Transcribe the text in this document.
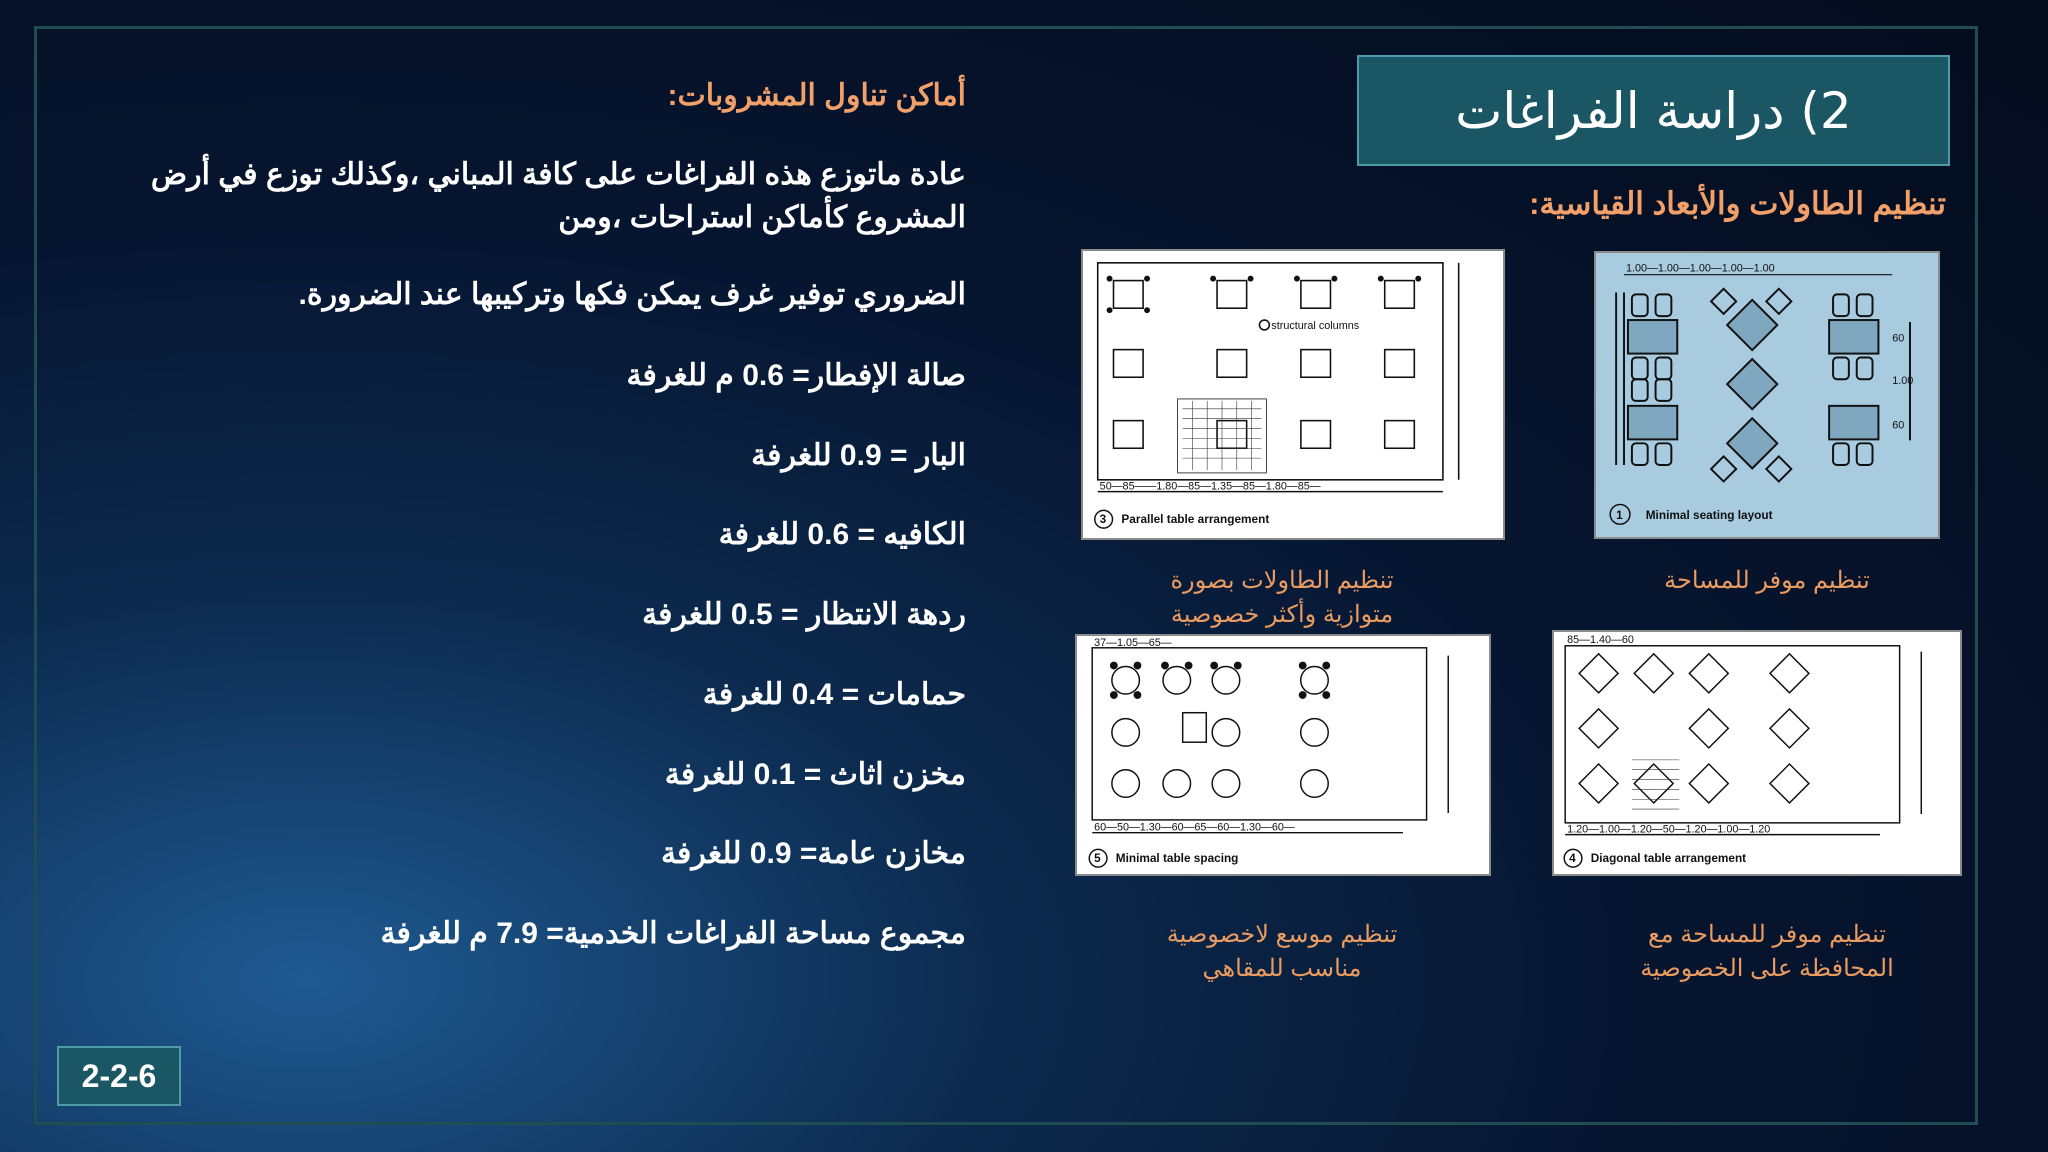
2) دراسة الفراغات
تنظيم الطاولات والأبعاد القياسية:
1.00—1.00—1.00—1.00—1.00
60
1.00
60
1 Minimal seating layout
structural columns
50—85——1.80—85—1.35—85—1.80—85—
3 Parallel table arrangement
تنظيم موفر للمساحة
تنظيم الطاولات بصورة
متوازية وأكثر خصوصية
37—1.05—65—
60—50—1.30—60—65—60—1.30—60—
5 Minimal table spacing
85—1.40—60
1.20—1.00—1.20—50—1.20—1.00—1.20
4 Diagonal table arrangement
تنظيم موسع لاخصوصية
مناسب للمقاهي
تنظيم موفر للمساحة مع
المحافظة على الخصوصية
أماكن تناول المشروبات:
عادة ماتوزع هذه الفراغات على كافة المباني ،وكذلك توزع في أرض المشروع كأماكن استراحات ،ومن
الضروري توفير غرف يمكن فكها وتركيبها عند الضرورة.
صالة الإفطار= 0.6 م للغرفة
البار = 0.9 للغرفة
الكافيه = 0.6 للغرفة
ردهة الانتظار = 0.5 للغرفة
حمامات = 0.4 للغرفة
مخزن اثاث = 0.1 للغرفة
مخازن عامة= 0.9 للغرفة
مجموع مساحة الفراغات الخدمية= 7.9 م للغرفة
2-2-6
